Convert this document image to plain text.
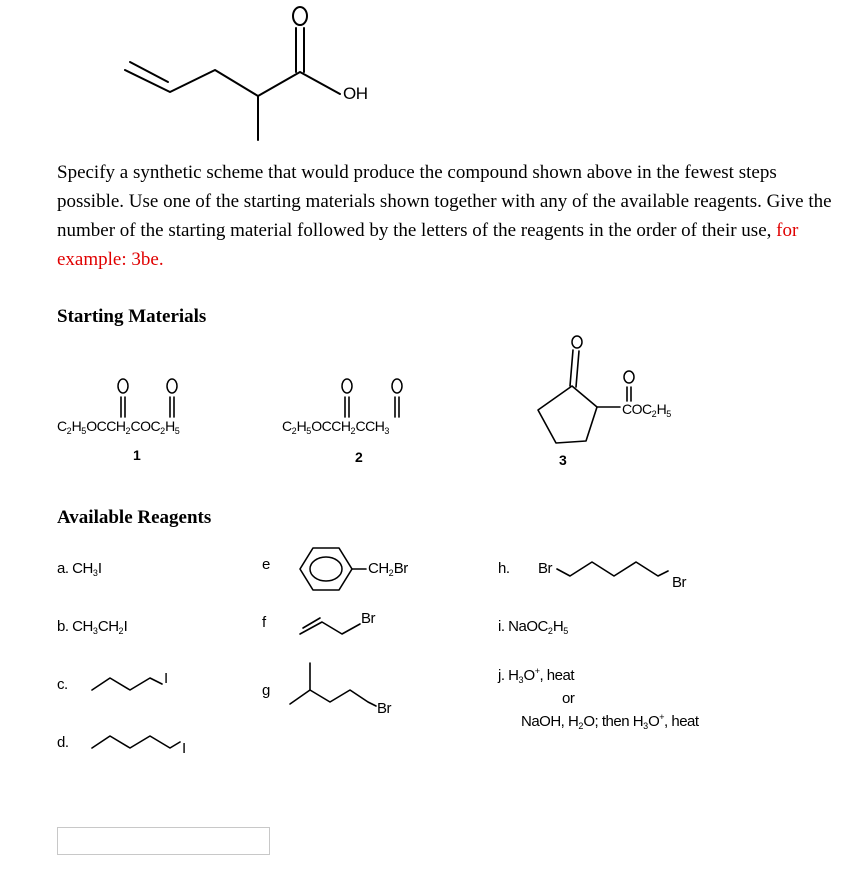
OH
Specify a synthetic scheme that would produce the compound shown above in the fewest steps possible. Use one of the starting materials shown together with any of the available reagents. Give the number of the starting material followed by the letters of the reagents in the order of their use, for example: 3be.
Starting Materials
$C_2H_5OCCH_2COC_2H_5$
1
$C_2H_5OCCH_2CCH_3$
2
$COC_2H_5$
3
Available Reagents
a. $CH_3I$
b. $CH_3CH_2I$
c.	I
d.	I
e	$CH_2Br$
f	Br
g
Br
h. Br
Br
i. $NaOC_2H_5$
j. $H_3O^+$, heat
or
NaOH, $H_2O$; then $H_3O^+$, heat
